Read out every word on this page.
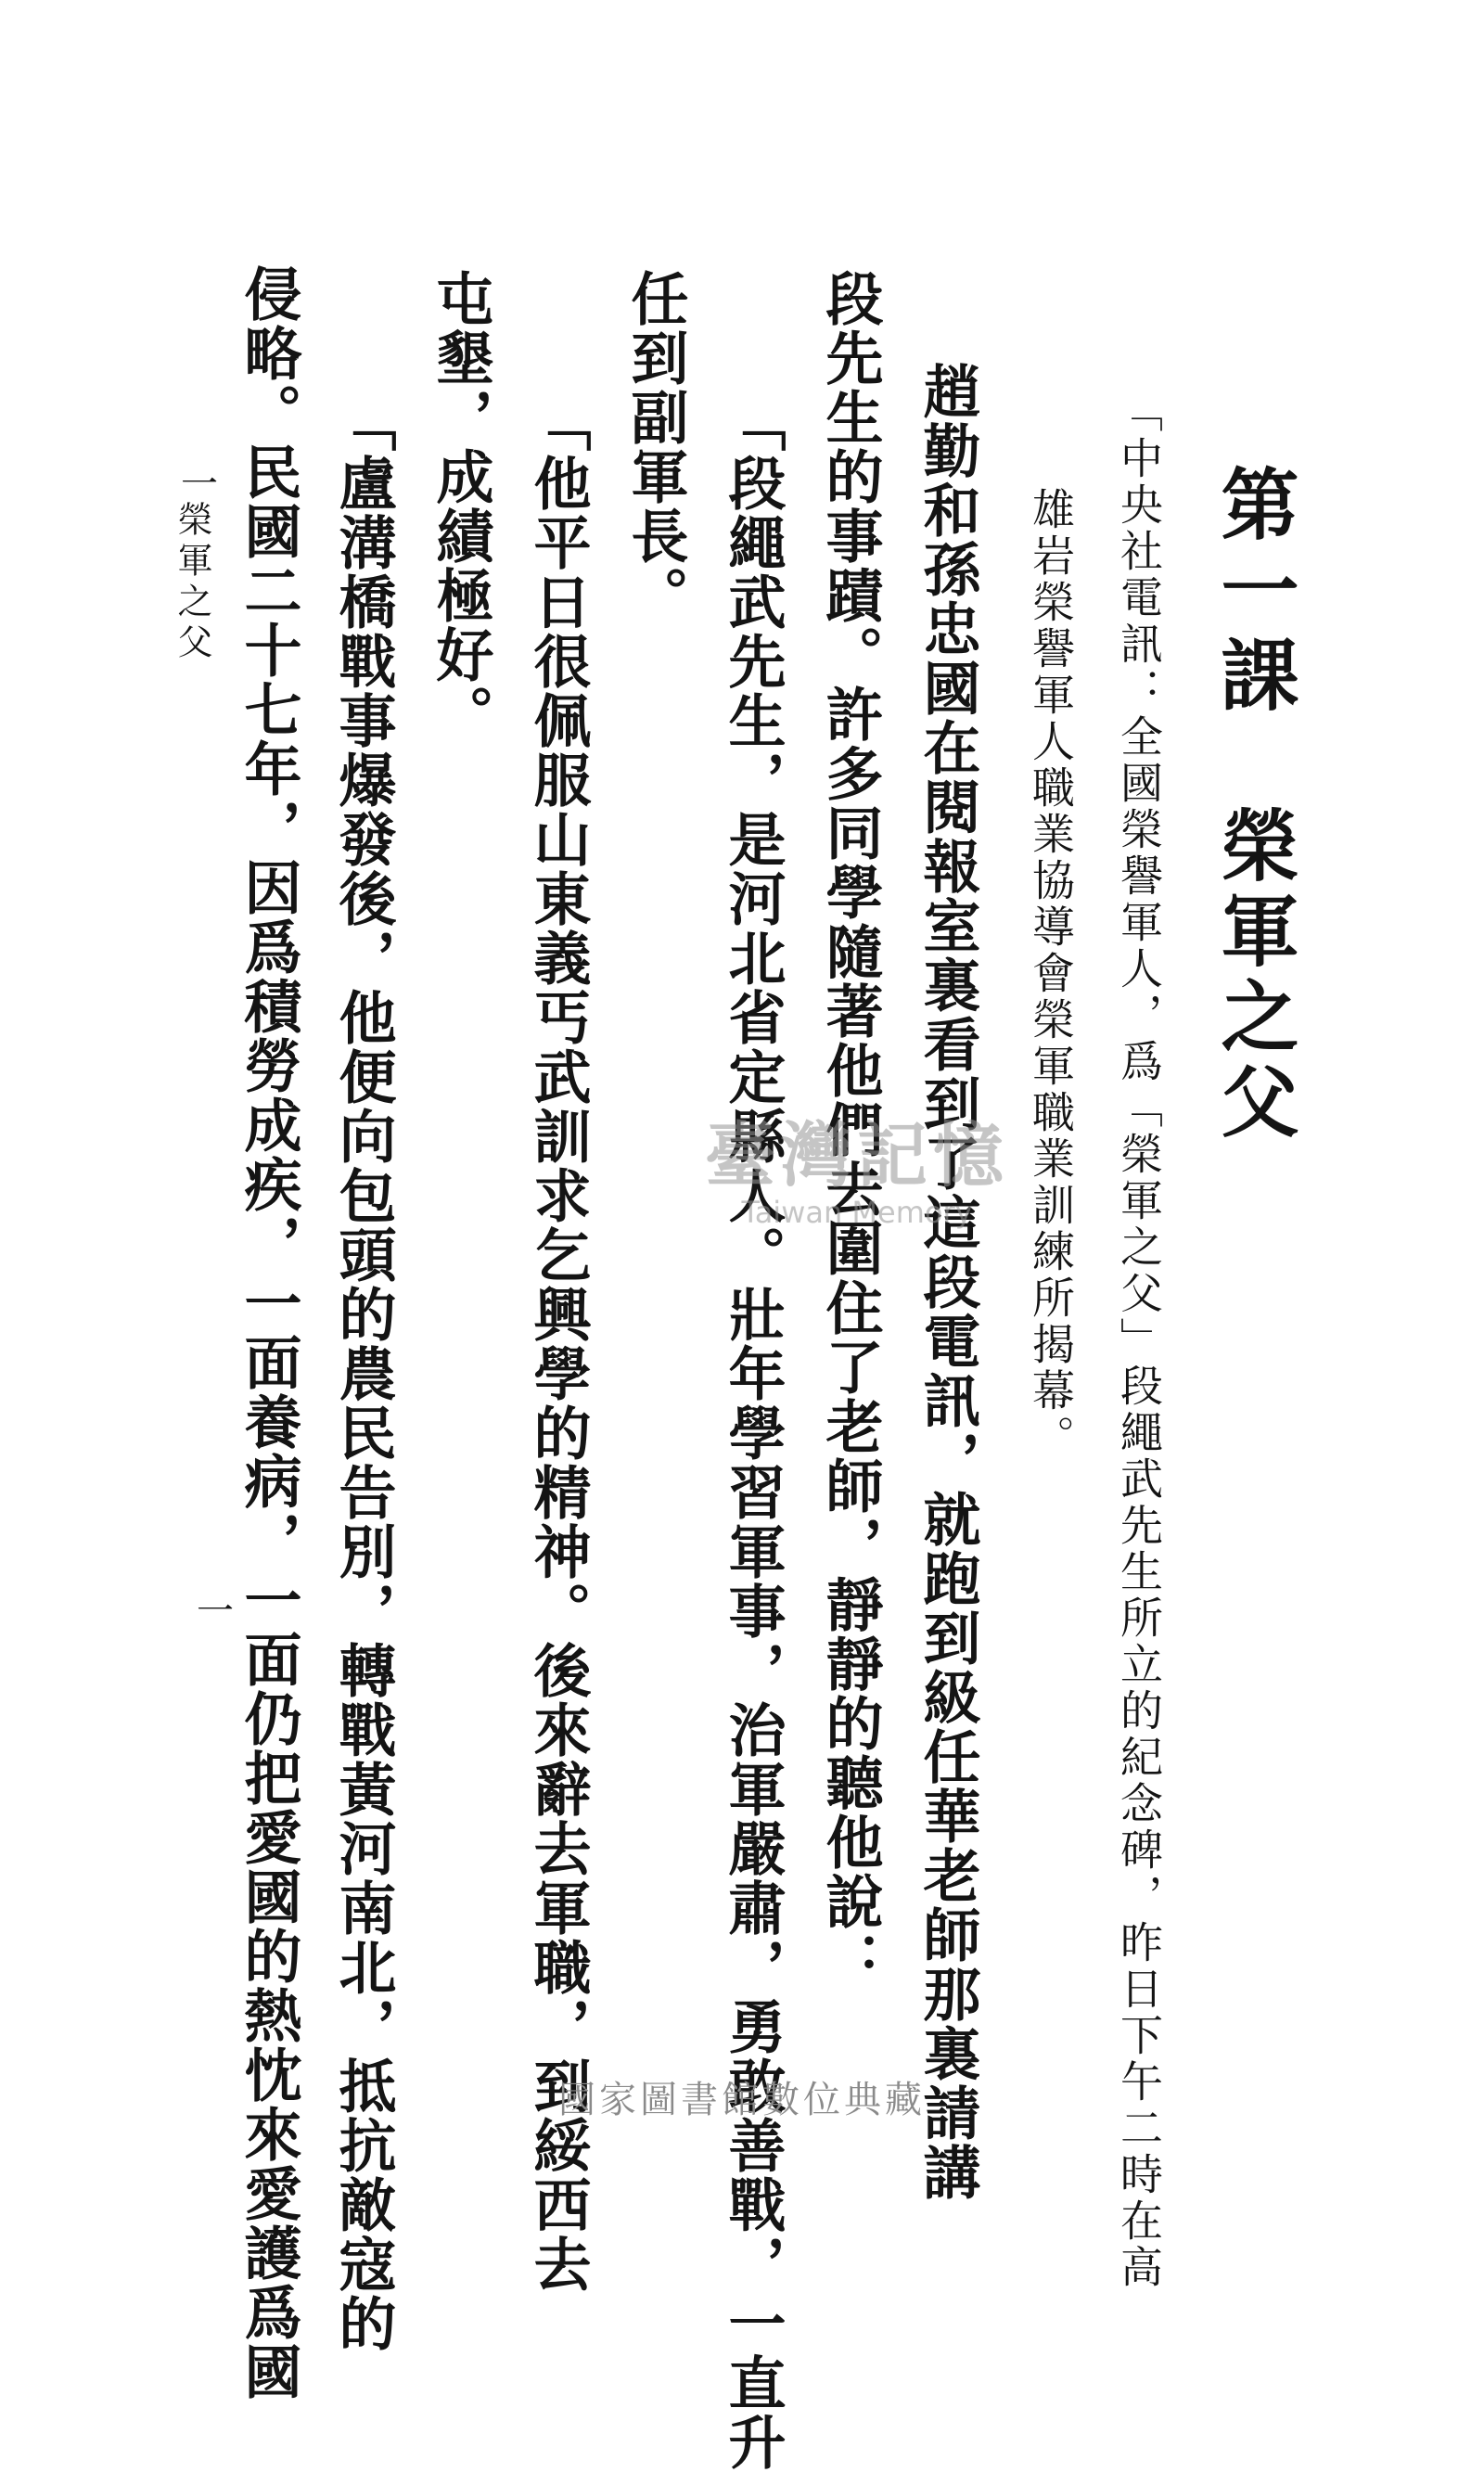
第一課　榮軍之父
「中央社電訊：全國榮譽軍人，爲「榮軍之父」段繩武先生所立的紀念碑，昨日下午二時在高
雄岩榮譽軍人職業協導會榮軍職業訓練所揭幕。
趙勤和孫忠國在閱報室裏看到了這段電訊，就跑到級任華老師那裏請講
段先生的事蹟。許多同學隨著他們去圍住了老師，靜靜的聽他說：
「段繩武先生，是河北省定縣人。壯年學習軍事，治軍嚴肅，勇敢善戰，一直升
任到副軍長。
「他平日很佩服山東義丐武訓求乞興學的精神。後來辭去軍職，到綏西去
屯墾，成績極好。
「盧溝橋戰事爆發後，他便向包頭的農民告別，轉戰黃河南北，抵抗敵寇的
侵略。民國二十七年，因爲積勞成疾，一面養病，一面仍把愛國的熱忱來愛護爲國
榮軍之父
一
一
臺灣記憶
Taiwan Memory
國家圖書館數位典藏
